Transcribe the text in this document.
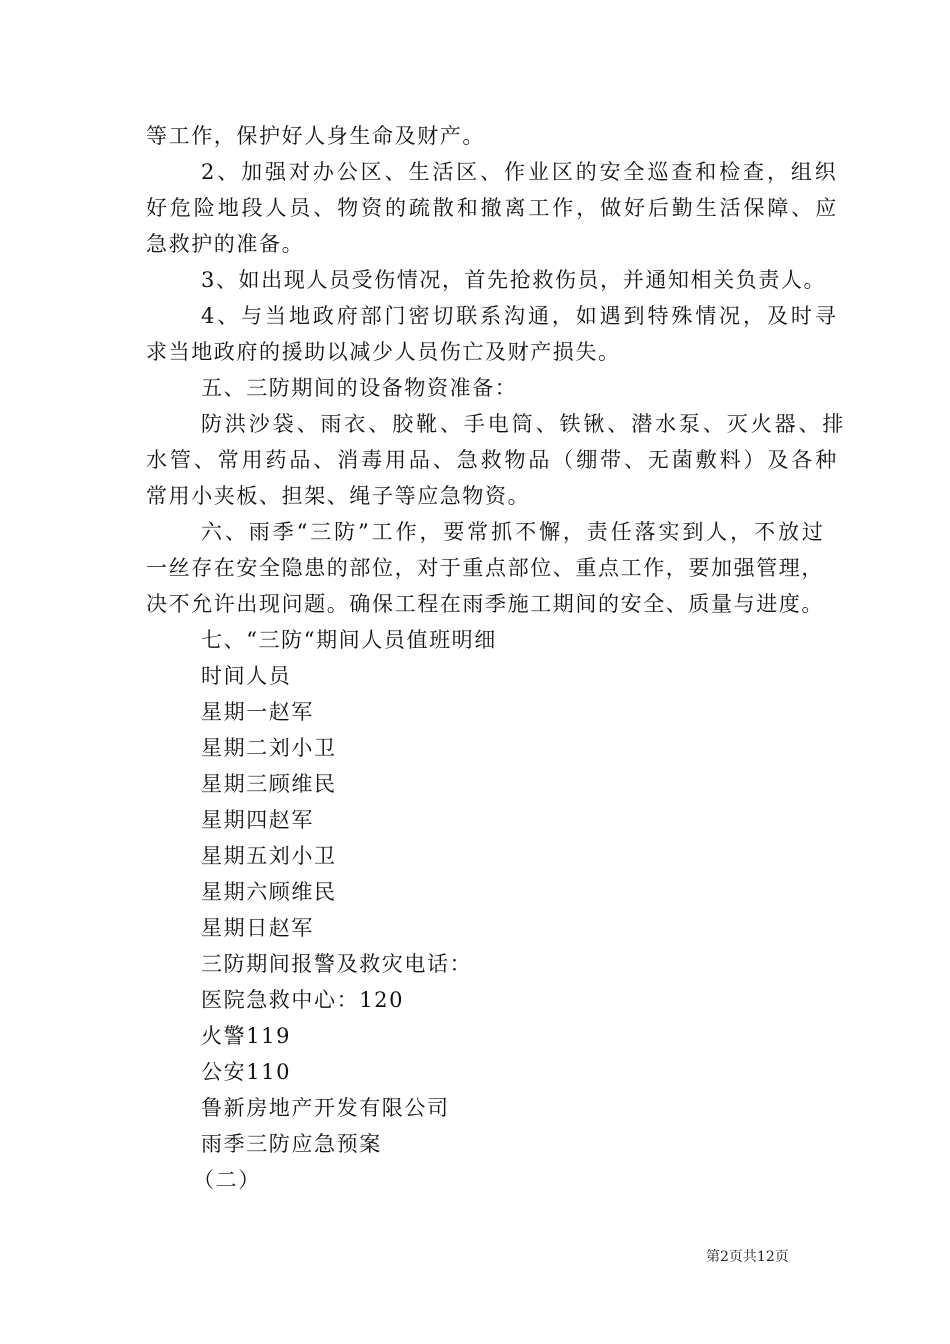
等工作，保护好人身生命及财产。
2、加强对办公区、生活区、作业区的安全巡查和检查，组织
好危险地段人员、物资的疏散和撤离工作，做好后勤生活保障、应
急救护的准备。
3、如出现人员受伤情况，首先抢救伤员，并通知相关负责人。
4、与当地政府部门密切联系沟通，如遇到特殊情况，及时寻
求当地政府的援助以减少人员伤亡及财产损失。
五、三防期间的设备物资准备：
防洪沙袋、雨衣、胶靴、手电筒、铁锹、潜水泵、灭火器、排
水管、常用药品、消毒用品、急救物品（绷带、无菌敷料）及各种
常用小夹板、担架、绳子等应急物资。
六、雨季“三防”工作，要常抓不懈，责任落实到人，不放过
一丝存在安全隐患的部位，对于重点部位、重点工作，要加强管理，
决不允许出现问题。确保工程在雨季施工期间的安全、质量与进度。
七、“三防“期间人员值班明细
时间人员
星期一赵军
星期二刘小卫
星期三顾维民
星期四赵军
星期五刘小卫
星期六顾维民
星期日赵军
三防期间报警及救灾电话：
医院急救中心：120
火警119
公安110
鲁新房地产开发有限公司
雨季三防应急预案
（二）
第2页共12页
